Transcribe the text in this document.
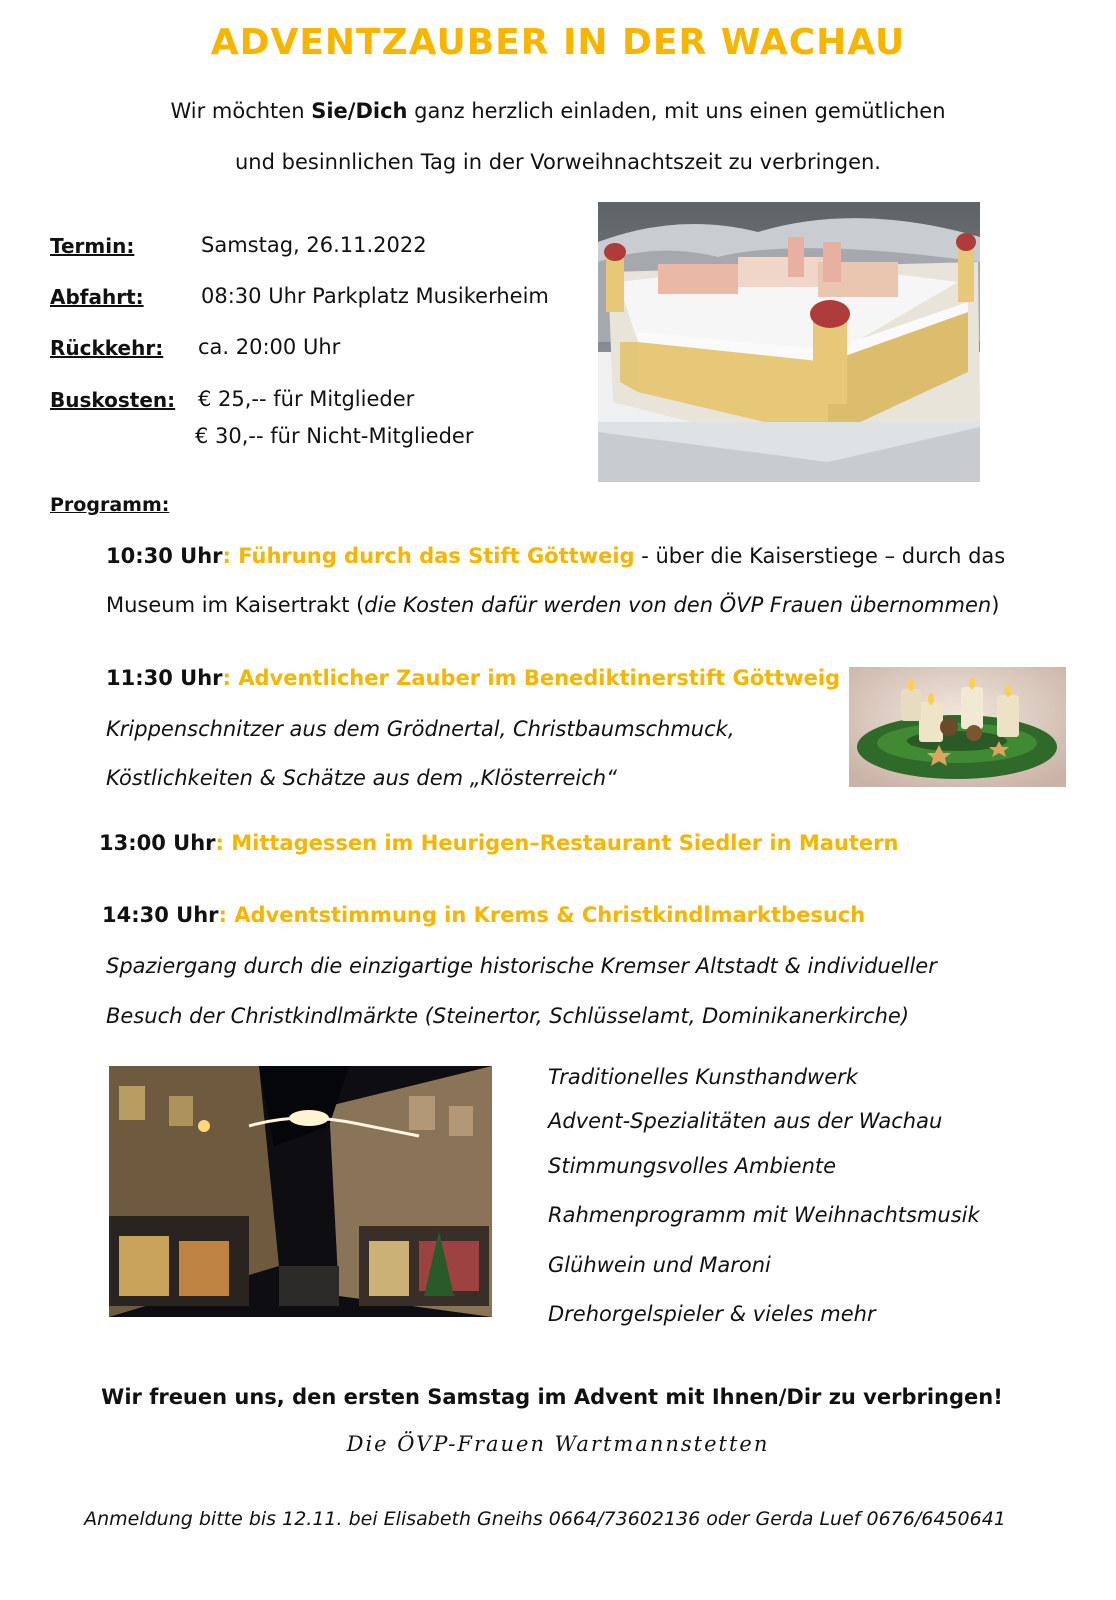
ADVENTZAUBER IN DER WACHAU
Wir möchten Sie/Dich ganz herzlich einladen, mit uns einen gemütlichen
und besinnlichen Tag in der Vorweihnachtszeit zu verbringen.
Termin:	Samstag, 26.11.2022
Abfahrt:	08:30 Uhr Parkplatz Musikerheim
Rückkehr: ca. 20:00 Uhr
Buskosten: € 25,-- für Mitglieder
€ 30,-- für Nicht-Mitglieder
Programm:
10:30 Uhr: Führung durch das Stift Göttweig - über die Kaiserstiege – durch das
Museum im Kaisertrakt (die Kosten dafür werden von den ÖVP Frauen übernommen)
11:30 Uhr: Adventlicher Zauber im Benediktinerstift Göttweig
Krippenschnitzer aus dem Grödnertal, Christbaumschmuck,
Köstlichkeiten & Schätze aus dem „Klösterreich“
13:00 Uhr: Mittagessen im Heurigen–Restaurant Siedler in Mautern
14:30 Uhr: Adventstimmung in Krems & Christkindlmarktbesuch
Spaziergang durch die einzigartige historische Kremser Altstadt & individueller
Besuch der Christkindlmärkte (Steinertor, Schlüsselamt, Dominikanerkirche)
Traditionelles Kunsthandwerk
Advent-Spezialitäten aus der Wachau
Stimmungsvolles Ambiente
Rahmenprogramm mit Weihnachtsmusik
Glühwein und Maroni
Drehorgelspieler & vieles mehr
Wir freuen uns, den ersten Samstag im Advent mit Ihnen/Dir zu verbringen!
Die ÖVP-Frauen Wartmannstetten
Anmeldung bitte bis 12.11. bei Elisabeth Gneihs 0664/73602136 oder Gerda Luef 0676/6450641
